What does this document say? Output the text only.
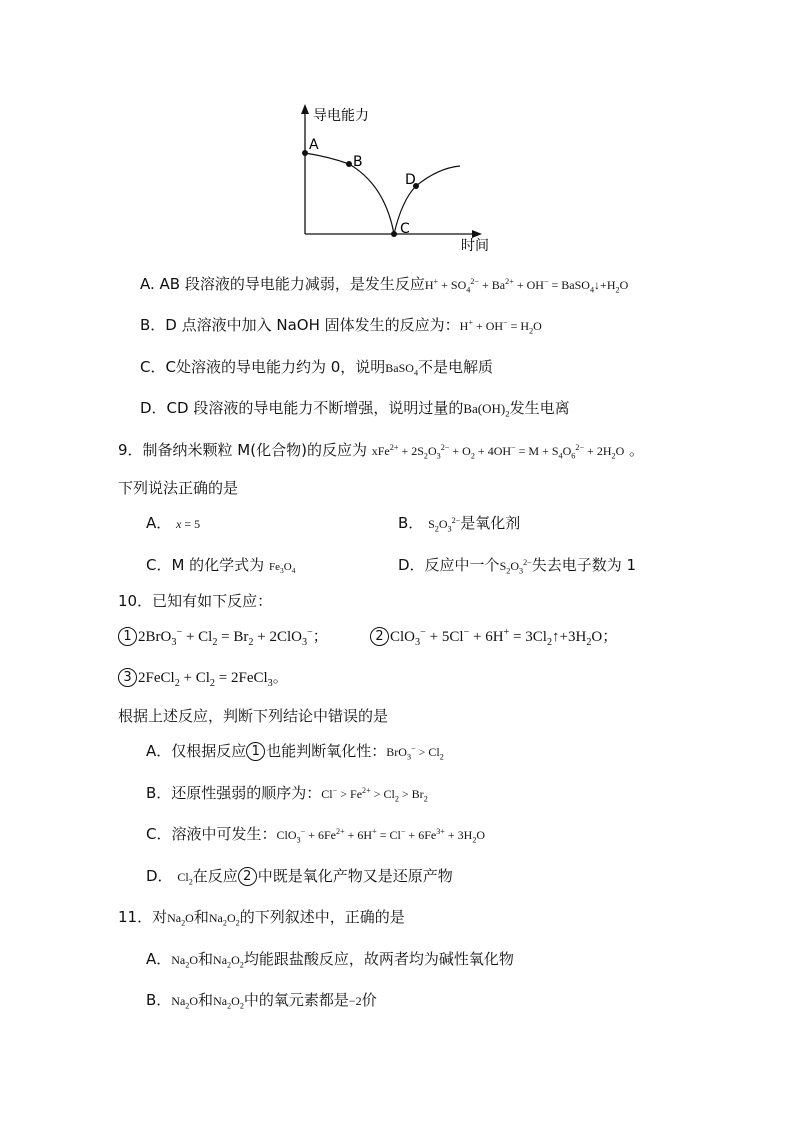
导电能力
时间
A
B
C
D
A. AB 段溶液的导电能力减弱，是发生反应$H^+ + SO_4^{2-} + Ba^{2+} + OH^-$ = $BaSO_4↓+H_2O$
B．D 点溶液中加入 NaOH 固体发生的反应为：$H^+ + OH^- = H_2O$
C．C处溶液的导电能力约为 0，说明BaSO$_4$不是电解质
D．CD 段溶液的导电能力不断增强，说明过量的$Ba(OH)_2$发生电离
9．制备纳米颗粒 M(化合物)的反应为 $xFe^{2+} + 2S_2O_3^{2-} + O_2 + 4OH^- = M + S_4O_6^{2-} + 2H_2O$ 。
下列说法正确的是
A． x = 5	B． $S_2O_3^{2-}$是氧化剂
C．M 的化学式为 $Fe_3O_4$	D．反应中一个$S_2O_3^{2-}$失去电子数为 1
10．已知有如下反应：
1 $2BrO_3^- + Cl_2 = Br_2 + 2ClO_3^-$；	2 $ClO_3^- + 5Cl^- + 6H^+ = 3Cl_2↑+3H_2O$；
3 2FeCl$_2$ + $Cl_2$ = 2FeCl$_3$。
根据上述反应，判断下列结论中错误的是
A．仅根据反应 1 也能判断氧化性：$BrO_3^- > Cl_2$
B．还原性强弱的顺序为：$Cl^- > Fe^{2+} > Cl_2 > Br_2$
C．溶液中可发生：$ClO_3^- + 6Fe^{2+} + 6H^+ = Cl^- + 6Fe^{3+} + 3H_2O$
D． $Cl_2$在反应 2 中既是氧化产物又是还原产物
11．对$Na_2O$和$Na_2O_2$的下列叙述中，正确的是
A．$Na_2O$和$Na_2O_2$均能跟盐酸反应，故两者均为碱性氧化物
B．$Na_2O$和$Na_2O_2$中的氧元素都是−2价
